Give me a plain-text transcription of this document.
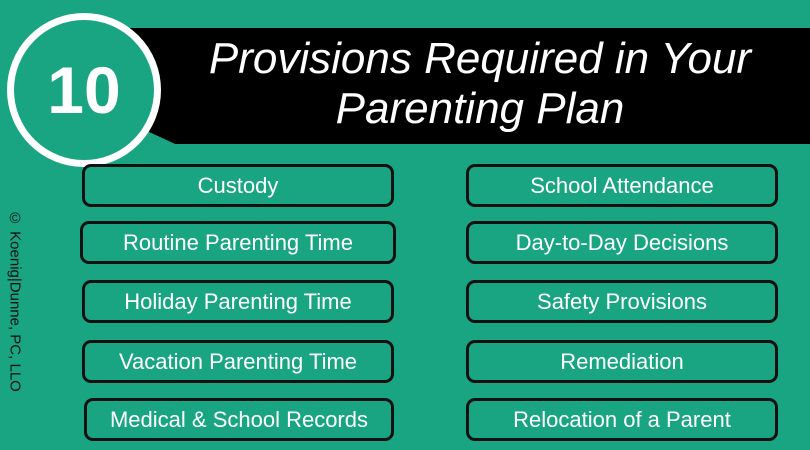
Provisions Required in Your
Parenting Plan
10
Custody
Routine Parenting Time
Holiday Parenting Time
Vacation Parenting Time
Medical & School Records
School Attendance
Day-to-Day Decisions
Safety Provisions
Remediation
Relocation of a Parent
© Koenig|Dunne, PC, LLO
